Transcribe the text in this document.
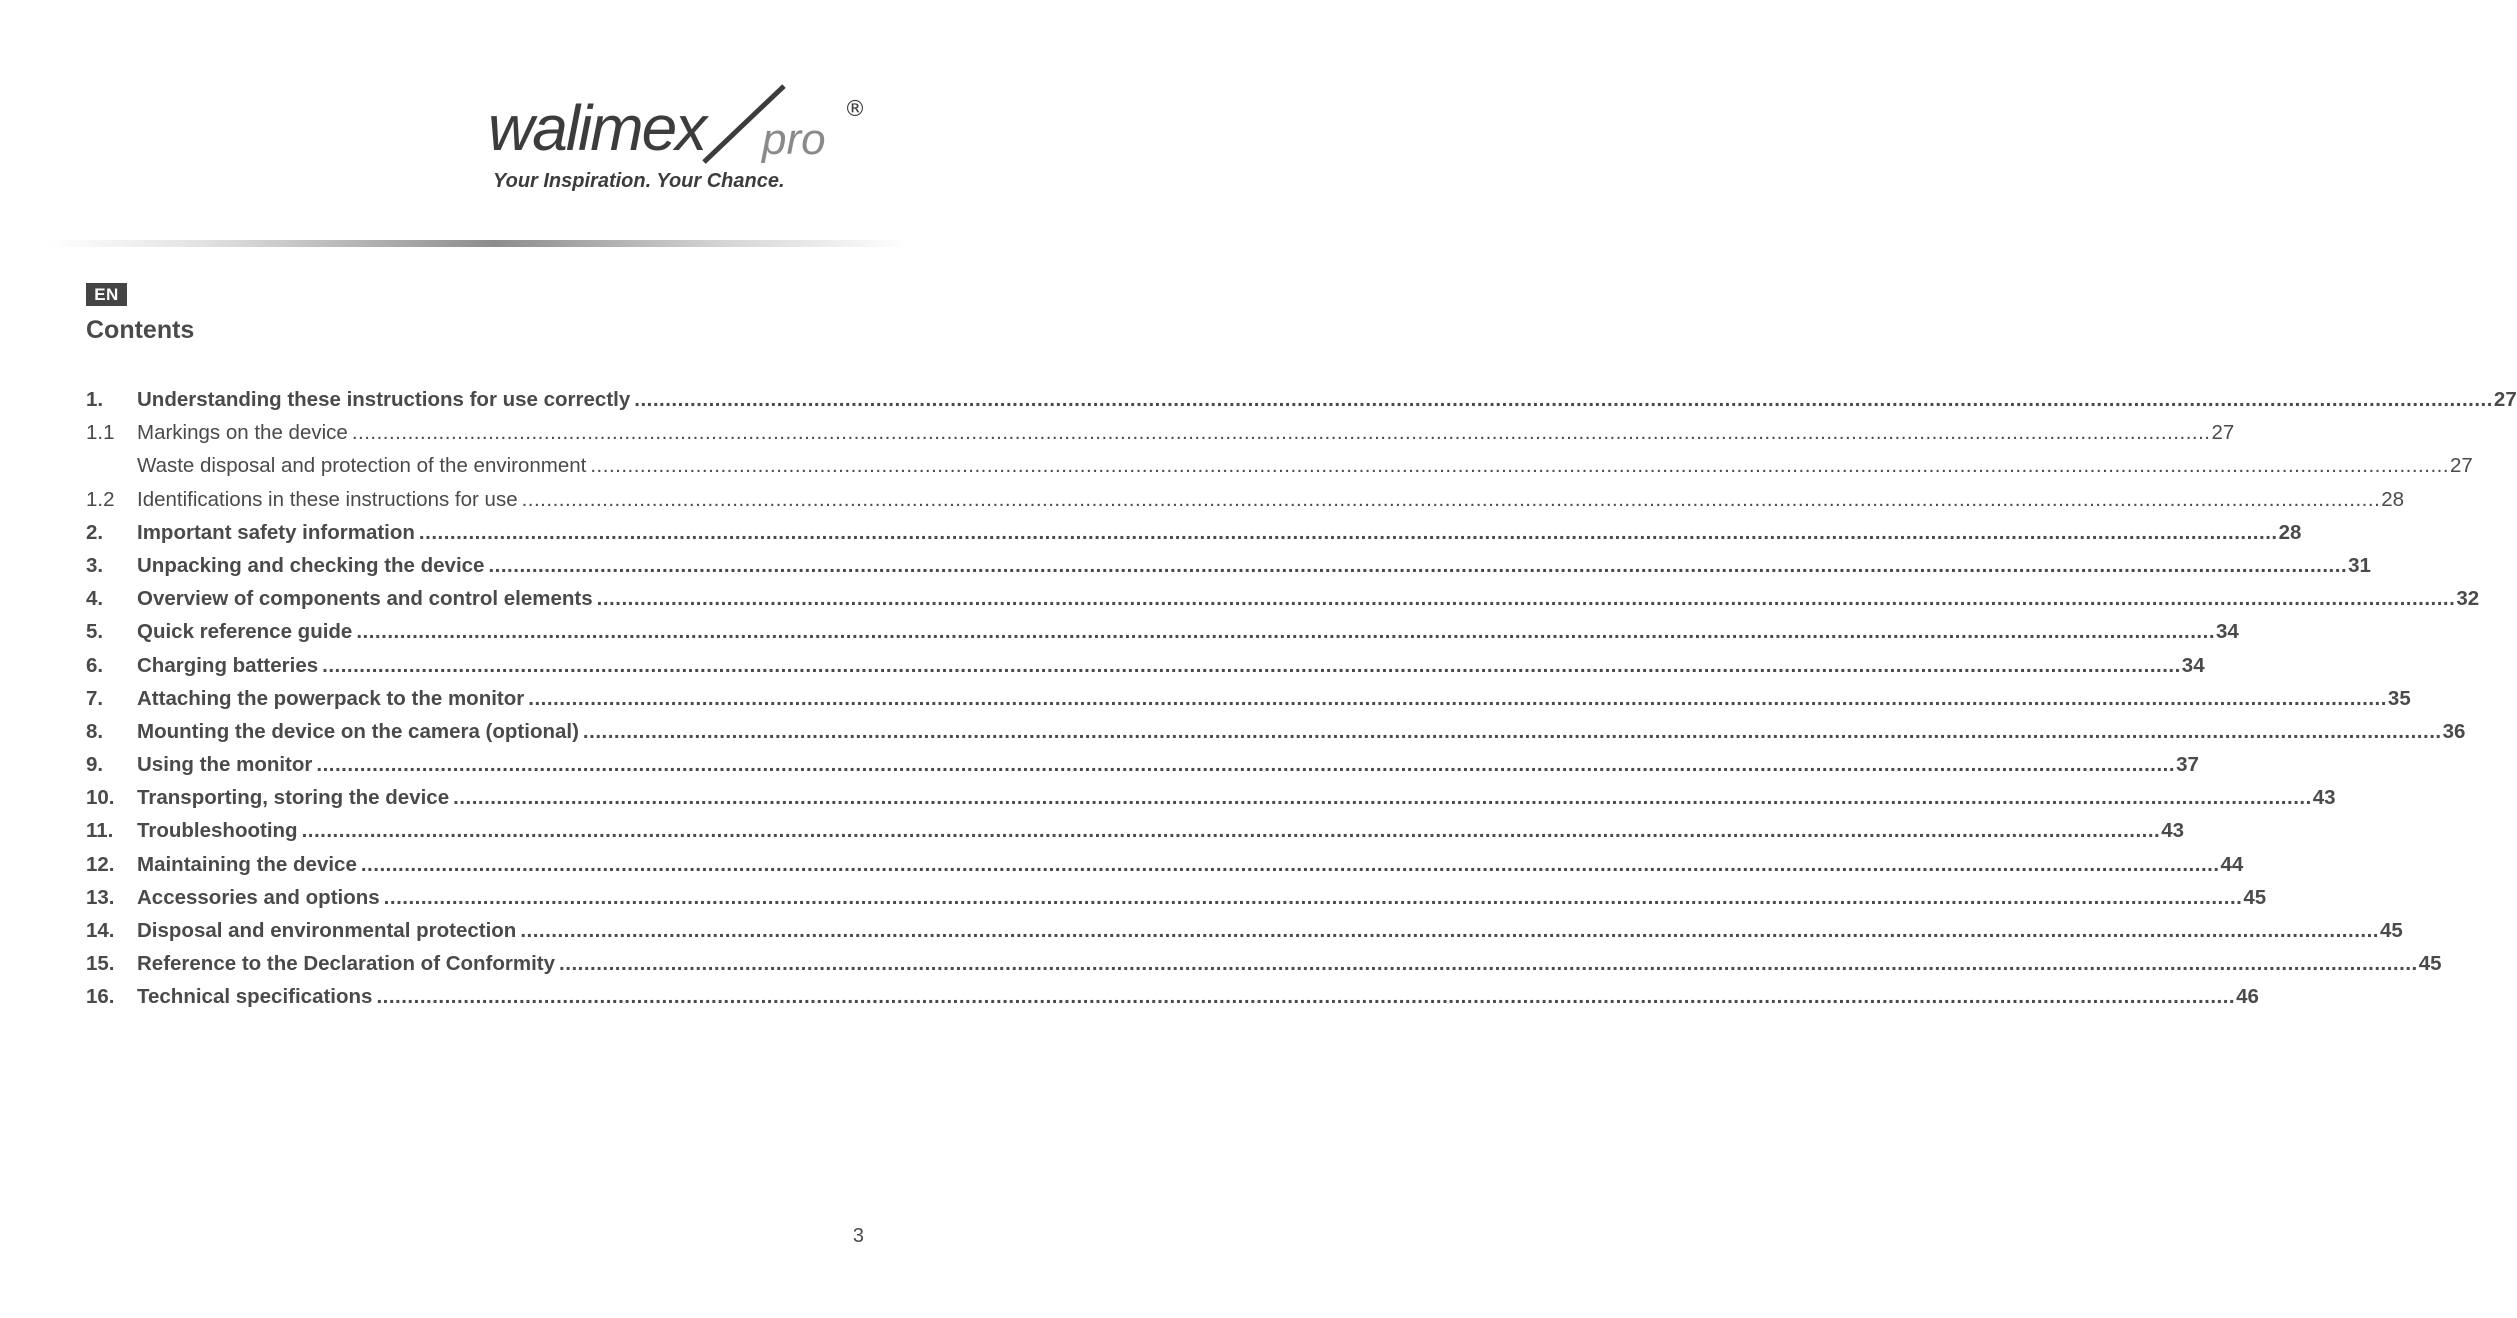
walimex pro
®

Your Inspiration. Your Chance.

EN
Contents
1. Understanding these instructions for use correctly ............................................................................................................................................................................................................................................................................................................ 27
1.1 Markings on the device ............................................................................................................................................................................................................................................................................................................ 27
Waste disposal and protection of the environment ............................................................................................................................................................................................................................................................................................................ 27
1.2 Identifications in these instructions for use ............................................................................................................................................................................................................................................................................................................ 28
2. Important safety information ............................................................................................................................................................................................................................................................................................................ 28
3. Unpacking and checking the device ............................................................................................................................................................................................................................................................................................................ 31
4. Overview of components and control elements ............................................................................................................................................................................................................................................................................................................ 32
5. Quick reference guide ............................................................................................................................................................................................................................................................................................................ 34
6. Charging batteries ............................................................................................................................................................................................................................................................................................................ 34
7. Attaching the powerpack to the monitor ............................................................................................................................................................................................................................................................................................................ 35
8. Mounting the device on the camera (optional) ............................................................................................................................................................................................................................................................................................................ 36
9. Using the monitor ............................................................................................................................................................................................................................................................................................................ 37
10. Transporting, storing the device ............................................................................................................................................................................................................................................................................................................ 43
11. Troubleshooting ............................................................................................................................................................................................................................................................................................................ 43
12. Maintaining the device ............................................................................................................................................................................................................................................................................................................ 44
13. Accessories and options ............................................................................................................................................................................................................................................................................................................ 45
14. Disposal and environmental protection ............................................................................................................................................................................................................................................................................................................ 45
15. Reference to the Declaration of Conformity ............................................................................................................................................................................................................................................................................................................ 45
16. Technical specifications ............................................................................................................................................................................................................................................................................................................ 46
3
